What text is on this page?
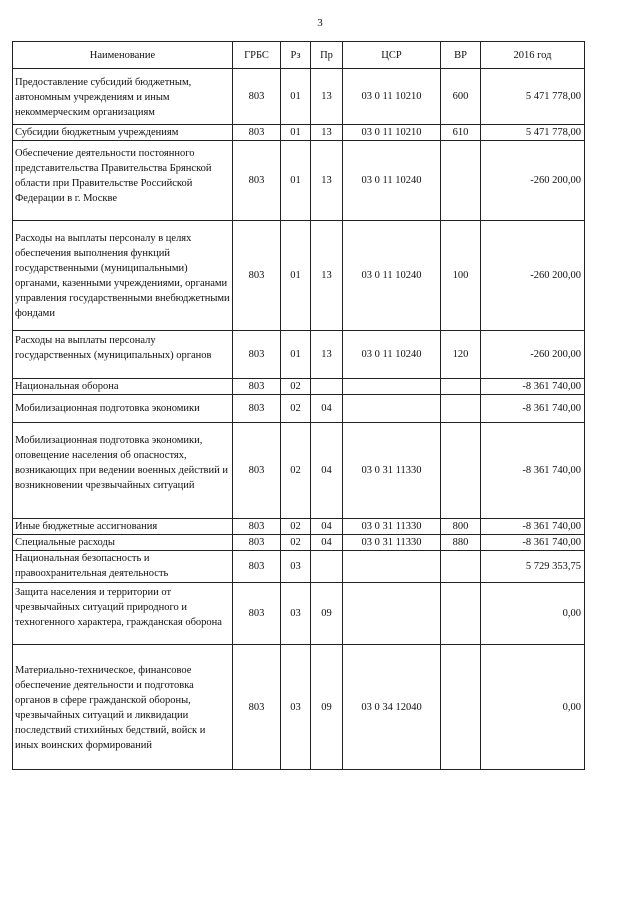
3
Наименование	ГРБС	Рз	Пр	ЦСР	ВР	2016 год
Предоставление субсидий бюджетным, автономным учреждениям и иным некоммерческим организациям	803	01	13	03 0 11 10210	600	5 471 778,00
Субсидии бюджетным учреждениям	803	01	13	03 0 11 10210	610	5 471 778,00
Обеспечение деятельности постоянного представительства Правительства Брянской области при Правительстве Российской Федерации в г. Москве	803	01	13	03 0 11 10240		-260 200,00
Расходы на выплаты персоналу в целях обеспечения выполнения функций государственными (муниципальными) органами, казенными учреждениями, органами управления государственными внебюджетными фондами	803	01	13	03 0 11 10240	100	-260 200,00
Расходы на выплаты персоналу государственных (муниципальных) органов	803	01	13	03 0 11 10240	120	-260 200,00
Национальная оборона	803	02				-8 361 740,00
Мобилизационная подготовка экономики	803	02	04			-8 361 740,00
Мобилизационная подготовка экономики, оповещение населения об опасностях, возникающих при ведении военных действий и возникновении чрезвычайных ситуаций	803	02	04	03 0 31 11330		-8 361 740,00
Иные бюджетные ассигнования	803	02	04	03 0 31 11330	800	-8 361 740,00
Специальные расходы	803	02	04	03 0 31 11330	880	-8 361 740,00
Национальная безопасность и правоохранительная деятельность	803	03				5 729 353,75
Защита населения и территории от чрезвычайных ситуаций природного и техногенного характера, гражданская оборона	803	03	09			0,00
Материально-техническое, финансовое обеспечение деятельности и подготовка органов в сфере гражданской обороны, чрезвычайных ситуаций и ликвидации последствий стихийных бедствий, войск и иных воинских формирований	803	03	09	03 0 34 12040		0,00
